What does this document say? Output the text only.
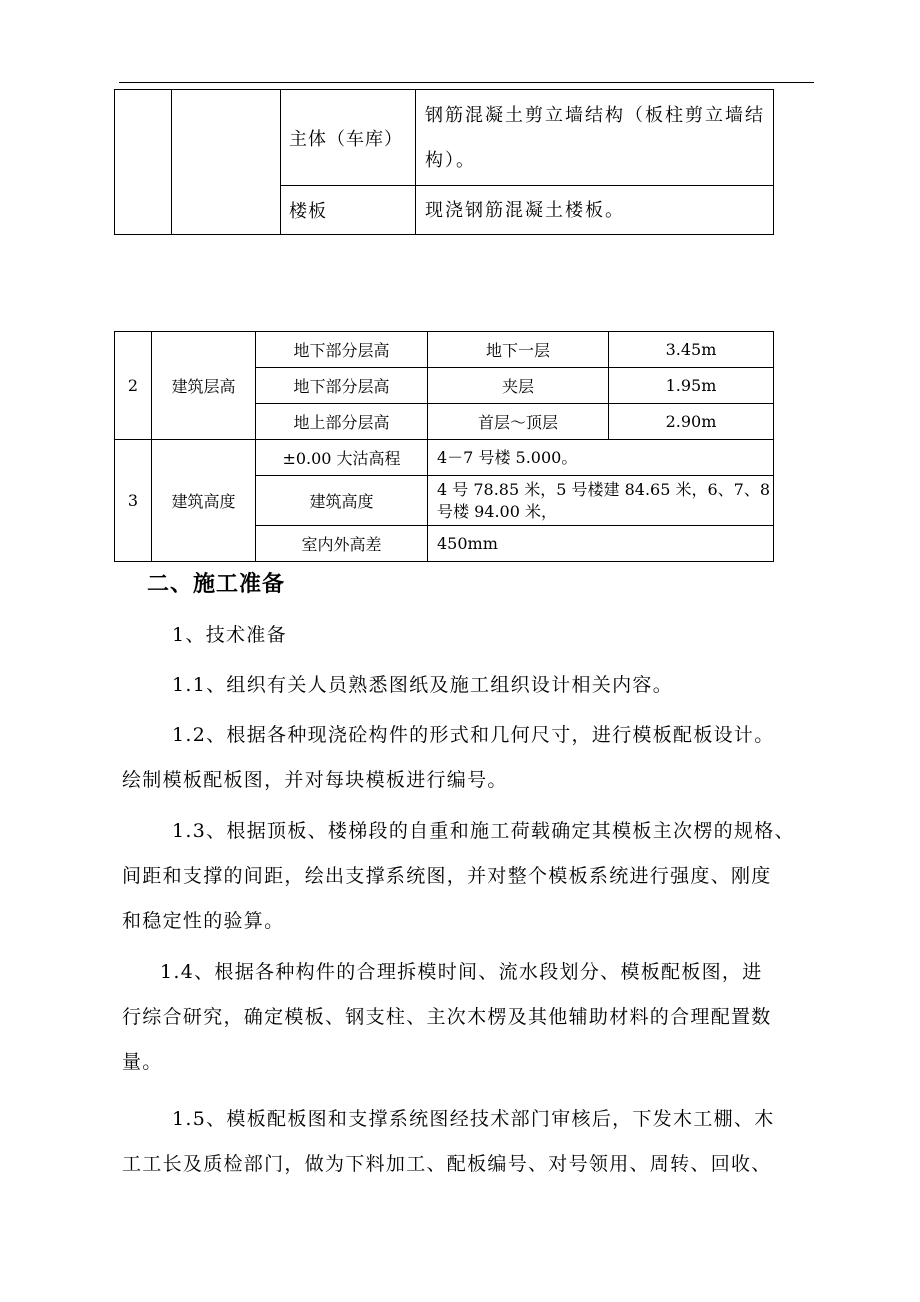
		主体（车库）	钢筋混凝土剪立墙结构（板柱剪立墙结构）。
		楼板	现浇钢筋混凝土楼板。
2	建筑层高	地下部分层高	地下一层	3.45m
		地下部分层高	夹层	1.95m
		地上部分层高	首层～顶层	2.90m
3	建筑高度	±0.00 大沽高程	4－7 号楼 5.000。	
		建筑高度	4 号 78.85 米，5 号楼建 84.65 米，6、7、8 号楼 94.00 米，	
		室内外高差	450mm	
二、施工准备

1、技术准备

1.1、组织有关人员熟悉图纸及施工组织设计相关内容。

1.2、根据各种现浇砼构件的形式和几何尺寸，进行模板配板设计。

绘制模板配板图，并对每块模板进行编号。

1.3、根据顶板、楼梯段的自重和施工荷载确定其模板主次楞的规格、

间距和支撑的间距，绘出支撑系统图，并对整个模板系统进行强度、刚度

和稳定性的验算。

1.4、根据各种构件的合理拆模时间、流水段划分、模板配板图，进

行综合研究，确定模板、钢支柱、主次木楞及其他辅助材料的合理配置数

量。

1.5、模板配板图和支撑系统图经技术部门审核后，下发木工棚、木

工工长及质检部门，做为下料加工、配板编号、对号领用、周转、回收、
